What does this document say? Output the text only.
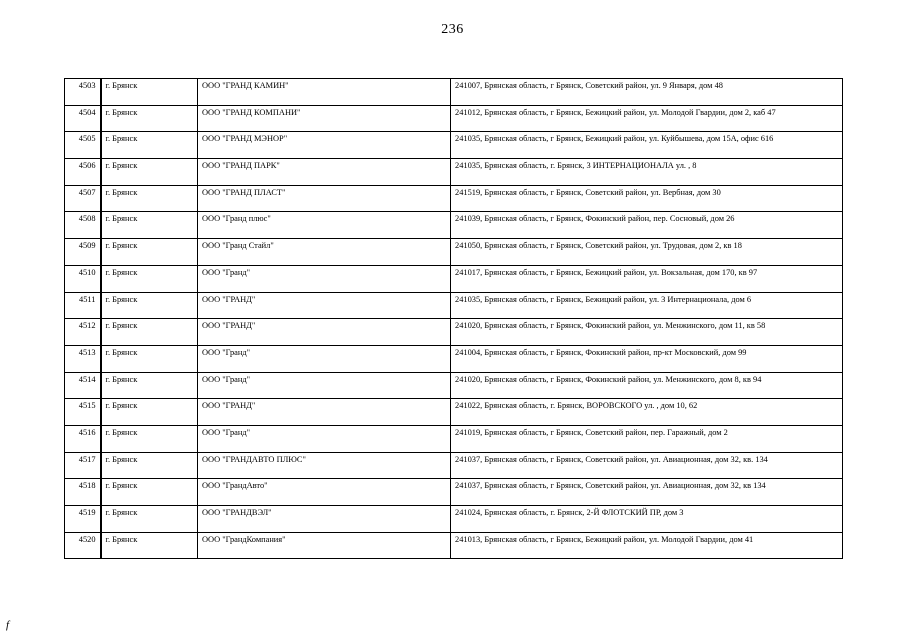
236
4503	г. Брянск	ООО "ГРАНД КАМИН"	241007, Брянская область, г Брянск, Советский район, ул. 9 Января, дом 48

4504	г. Брянск	ООО "ГРАНД КОМПАНИ"	241012, Брянская область, г Брянск, Бежицкий район, ул. Молодой Гвардии, дом 2, каб 47

4505	г. Брянск	ООО "ГРАНД МЭНОР"	241035, Брянская область, г Брянск, Бежицкий район, ул. Куйбышева, дом 15А, офис 616

4506	г. Брянск	ООО "ГРАНД ПАРК"	241035, Брянская область, г. Брянск, 3 ИНТЕРНАЦИОНАЛА ул. , 8

4507	г. Брянск	ООО "ГРАНД ПЛАСТ"	241519, Брянская область, г Брянск, Советский район, ул. Вербная, дом 30

4508	г. Брянск	ООО "Гранд плюс"	241039, Брянская область, г Брянск, Фокинский район, пер. Сосновый, дом 26

4509	г. Брянск	ООО "Гранд Стайл"	241050, Брянская область, г Брянск, Советский район, ул. Трудовая, дом 2, кв 18

4510	г. Брянск	ООО "Гранд"	241017, Брянская область, г Брянск, Бежицкий район, ул. Вокзальная, дом 170, кв 97

4511	г. Брянск	ООО "ГРАНД"	241035, Брянская область, г Брянск, Бежицкий район, ул. 3 Интернационала, дом 6

4512	г. Брянск	ООО "ГРАНД"	241020, Брянская область, г Брянск, Фокинский район, ул. Менжинского, дом 11, кв 58

4513	г. Брянск	ООО "Гранд"	241004, Брянская область, г Брянск, Фокинский район, пр-кт Московский, дом 99

4514	г. Брянск	ООО "Гранд"	241020, Брянская область, г Брянск, Фокинский район, ул. Менжинского, дом 8, кв 94

4515	г. Брянск	ООО "ГРАНД"	241022, Брянская область, г. Брянск, ВОРОВСКОГО ул. , дом 10, 62

4516	г. Брянск	ООО "Гранд"	241019, Брянская область, г Брянск, Советский район, пер. Гаражный, дом 2

4517	г. Брянск	ООО "ГРАНДАВТО ПЛЮС"	241037, Брянская область, г Брянск, Советский район, ул. Авиационная, дом 32, кв. 134

4518	г. Брянск	ООО "ГрандАвто"	241037, Брянская область, г Брянск, Советский район, ул. Авиационная, дом 32, кв 134

4519	г. Брянск	ООО "ГРАНДВЭЛ"	241024, Брянская область, г. Брянск, 2-Й ФЛОТСКИЙ ПР, дом 3

4520	г. Брянск	ООО "ГрандКомпания"	241013, Брянская область, г Брянск, Бежицкий район, ул. Молодой Гвардии, дом 41
f
